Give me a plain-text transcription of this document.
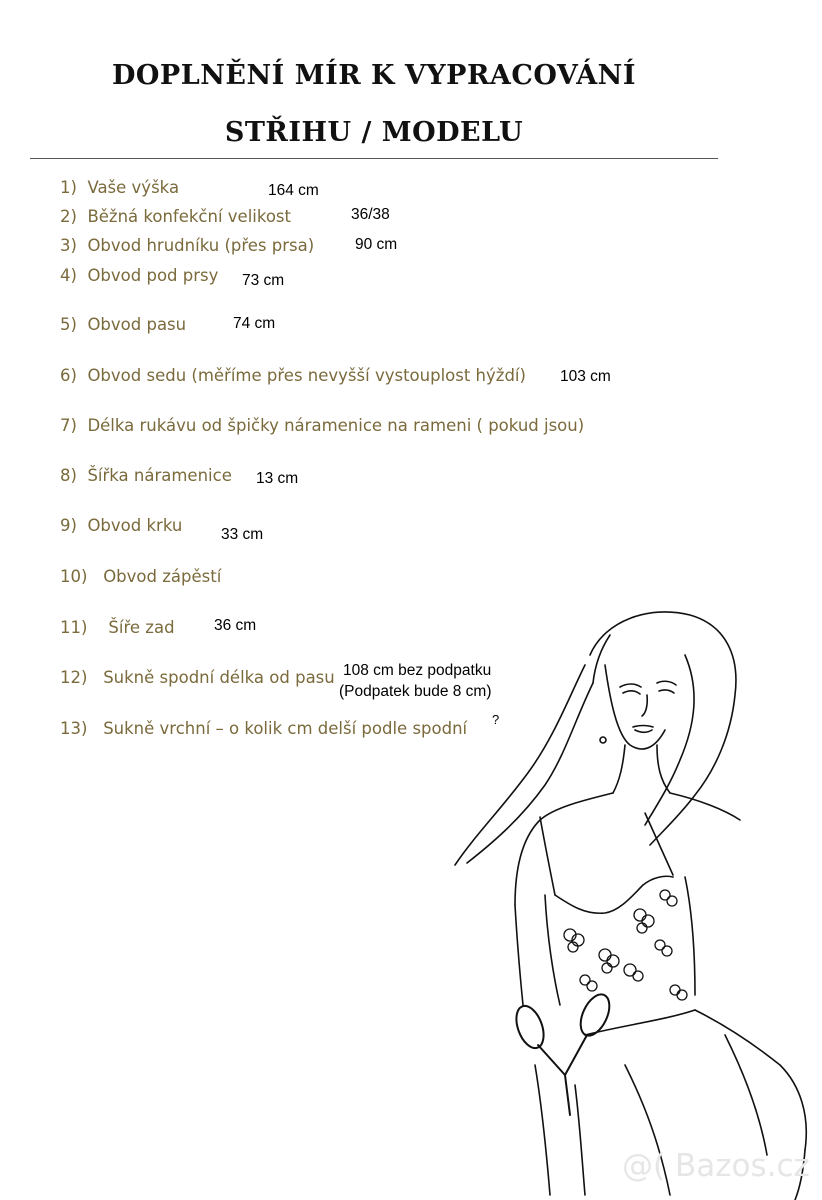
DOPLNĚNÍ MÍR K VYPRACOVÁNÍ
STŘIHU / MODELU
1) Vaše výška
2) Běžná konfekční velikost
3) Obvod hrudníku (přes prsa)
4) Obvod pod prsy
5) Obvod pasu
6) Obvod sedu (měříme přes nevyšší vystouplost hýždí)
7) Délka rukávu od špičky náramenice na rameni ( pokud jsou)
8) Šířka náramenice
9) Obvod krku
10) Obvod zápěstí
11) Šíře zad
12) Sukně spodní délka od pasu
13) Sukně vrchní – o kolik cm delší podle spodní
164 cm
36/38
90 cm
73 cm
74 cm
103 cm
13 cm
33 cm
36 cm
108 cm bez podpatku
(Podpatek bude 8 cm)
?
@( Bazos.cz
